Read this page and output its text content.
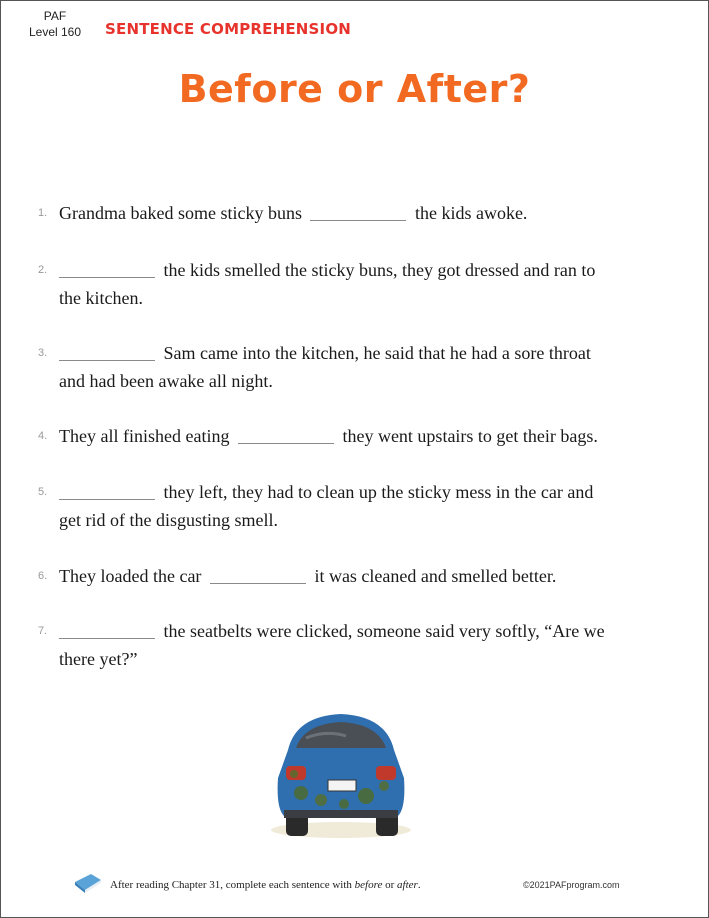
PAF
Level 160 SENTENCE COMPREHENSION
Before or After?
1. Grandma baked some sticky buns	the kids awoke.
2.	the kids smelled the sticky buns, they got dressed and ran to
the kitchen.
3.	Sam came into the kitchen, he said that he had a sore throat
and had been awake all night.
4. They all finished eating	they went upstairs to get their bags.
5.	they left, they had to clean up the sticky mess in the car and
get rid of the disgusting smell.
6. They loaded the car	it was cleaned and smelled better.
7.	the seatbelts were clicked, someone said very softly, “Are we
there yet?”
After reading Chapter 31, complete each sentence with before or after.	©2021PAFprogram.com
